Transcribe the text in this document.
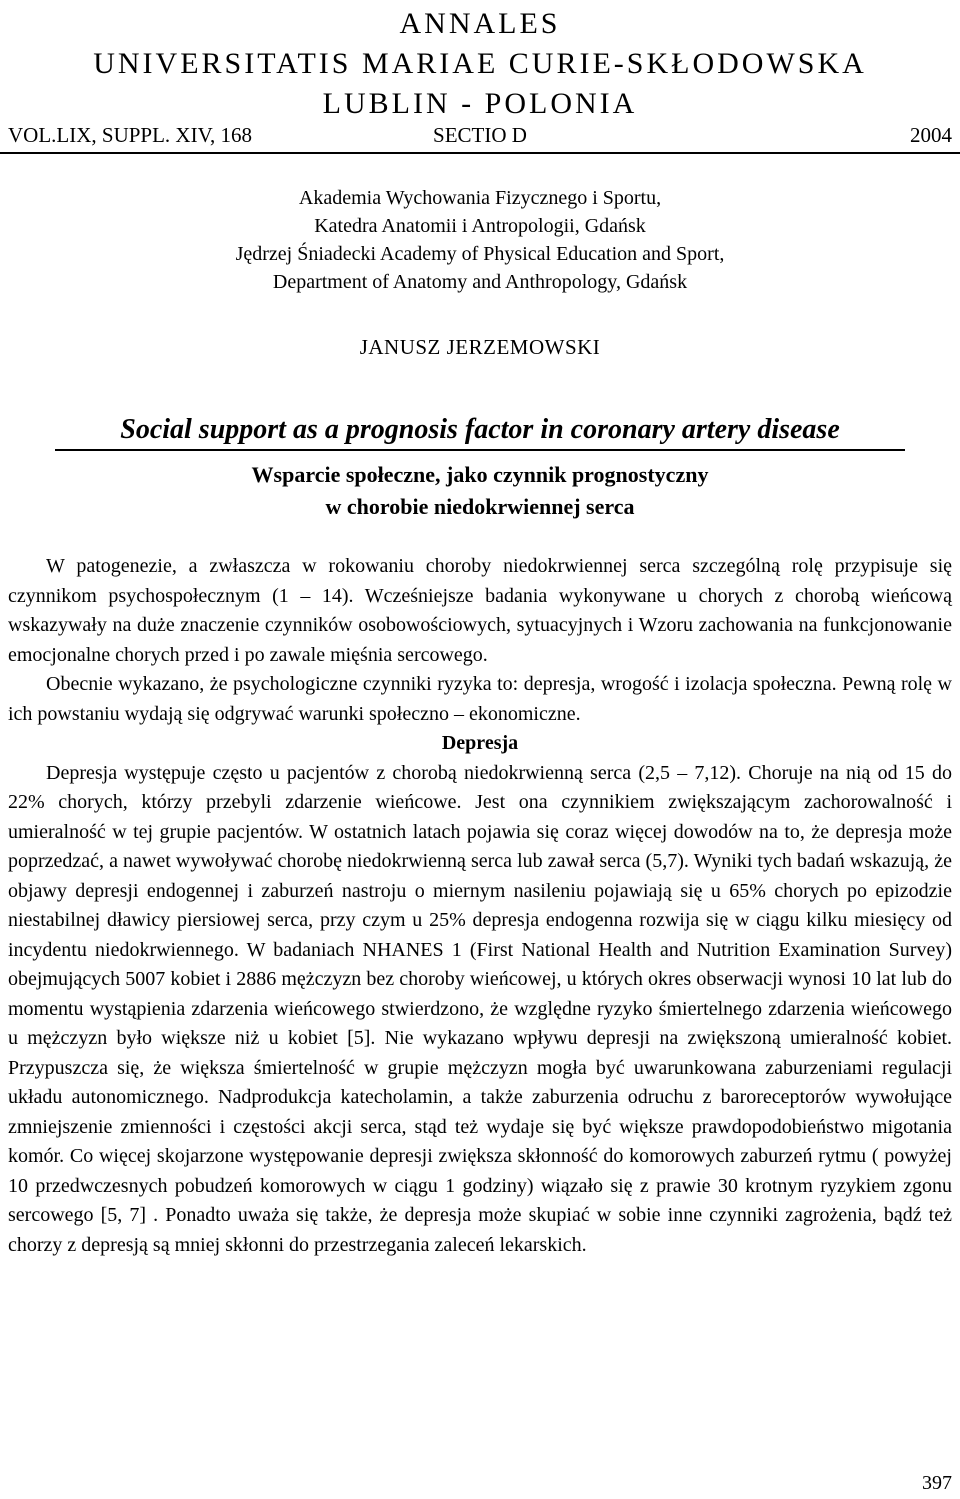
ANNALES
UNIVERSITATIS MARIAE CURIE-SKŁODOWSKA
LUBLIN - POLONIA
VOL.LIX, SUPPL. XIV, 168	SECTIO D	2004
Akademia Wychowania Fizycznego i Sportu,
Katedra Anatomii i Antropologii, Gdańsk
Jędrzej Śniadecki Academy of Physical Education and Sport,
Department of Anatomy and Anthropology, Gdańsk
JANUSZ JERZEMOWSKI
Social support as a prognosis factor in coronary artery disease
Wsparcie społeczne, jako czynnik prognostyczny
w chorobie niedokrwiennej serca

W patogenezie, a zwłaszcza w rokowaniu choroby niedokrwiennej serca szczególną rolę przypisuje się czynnikom psychospołecznym (1 – 14). Wcześniejsze badania wykonywane u chorych z chorobą wieńcową wskazywały na duże znaczenie czynników osobowościowych, sytuacyjnych i Wzoru zachowania na funkcjonowanie emocjonalne chorych przed i po zawale mięśnia sercowego.

Obecnie wykazano, że psychologiczne czynniki ryzyka to: depresja, wrogość i izolacja społeczna. Pewną rolę w ich powstaniu wydają się odgrywać warunki społeczno – ekonomiczne.

Depresja

Depresja występuje często u pacjentów z chorobą niedokrwienną serca (2,5 – 7,12). Choruje na nią od 15 do 22% chorych, którzy przebyli zdarzenie wieńcowe. Jest ona czynnikiem zwiększającym zachorowalność i umieralność w tej grupie pacjentów. W ostatnich latach pojawia się coraz więcej dowodów na to, że depresja może poprzedzać, a nawet wywoływać chorobę niedokrwienną serca lub zawał serca (5,7). Wyniki tych badań wskazują, że objawy depresji endogennej i zaburzeń nastroju o miernym nasileniu pojawiają się u 65% chorych po epizodzie niestabilnej dławicy piersiowej serca, przy czym u 25% depresja endogenna rozwija się w ciągu kilku miesięcy od incydentu niedokrwiennego. W badaniach NHANES 1 (First National Health and Nutrition Examination Survey) obejmujących 5007 kobiet i 2886 mężczyzn bez choroby wieńcowej, u których okres obserwacji wynosi 10 lat lub do momentu wystąpienia zdarzenia wieńcowego stwierdzono, że względne ryzyko śmiertelnego zdarzenia wieńcowego u mężczyzn było większe niż u kobiet [5]. Nie wykazano wpływu depresji na zwiększoną umieralność kobiet. Przypuszcza się, że większa śmiertelność w grupie mężczyzn mogła być uwarunkowana zaburzeniami regulacji układu autonomicznego. Nadprodukcja katecholamin, a także zaburzenia odruchu z baroreceptorów wywołujące zmniejszenie zmienności i częstości akcji serca, stąd też wydaje się być większe prawdopodobieństwo migotania komór. Co więcej skojarzone występowanie depresji zwiększa skłonność do komorowych zaburzeń rytmu ( powyżej 10 przedwczesnych pobudzeń komorowych w ciągu 1 godziny) wiązało się z prawie 30 krotnym ryzykiem zgonu sercowego [5, 7] . Ponadto uważa się także, że depresja może skupiać w sobie inne czynniki zagrożenia, bądź też chorzy z depresją są mniej skłonni do przestrzegania zaleceń lekarskich.

397
